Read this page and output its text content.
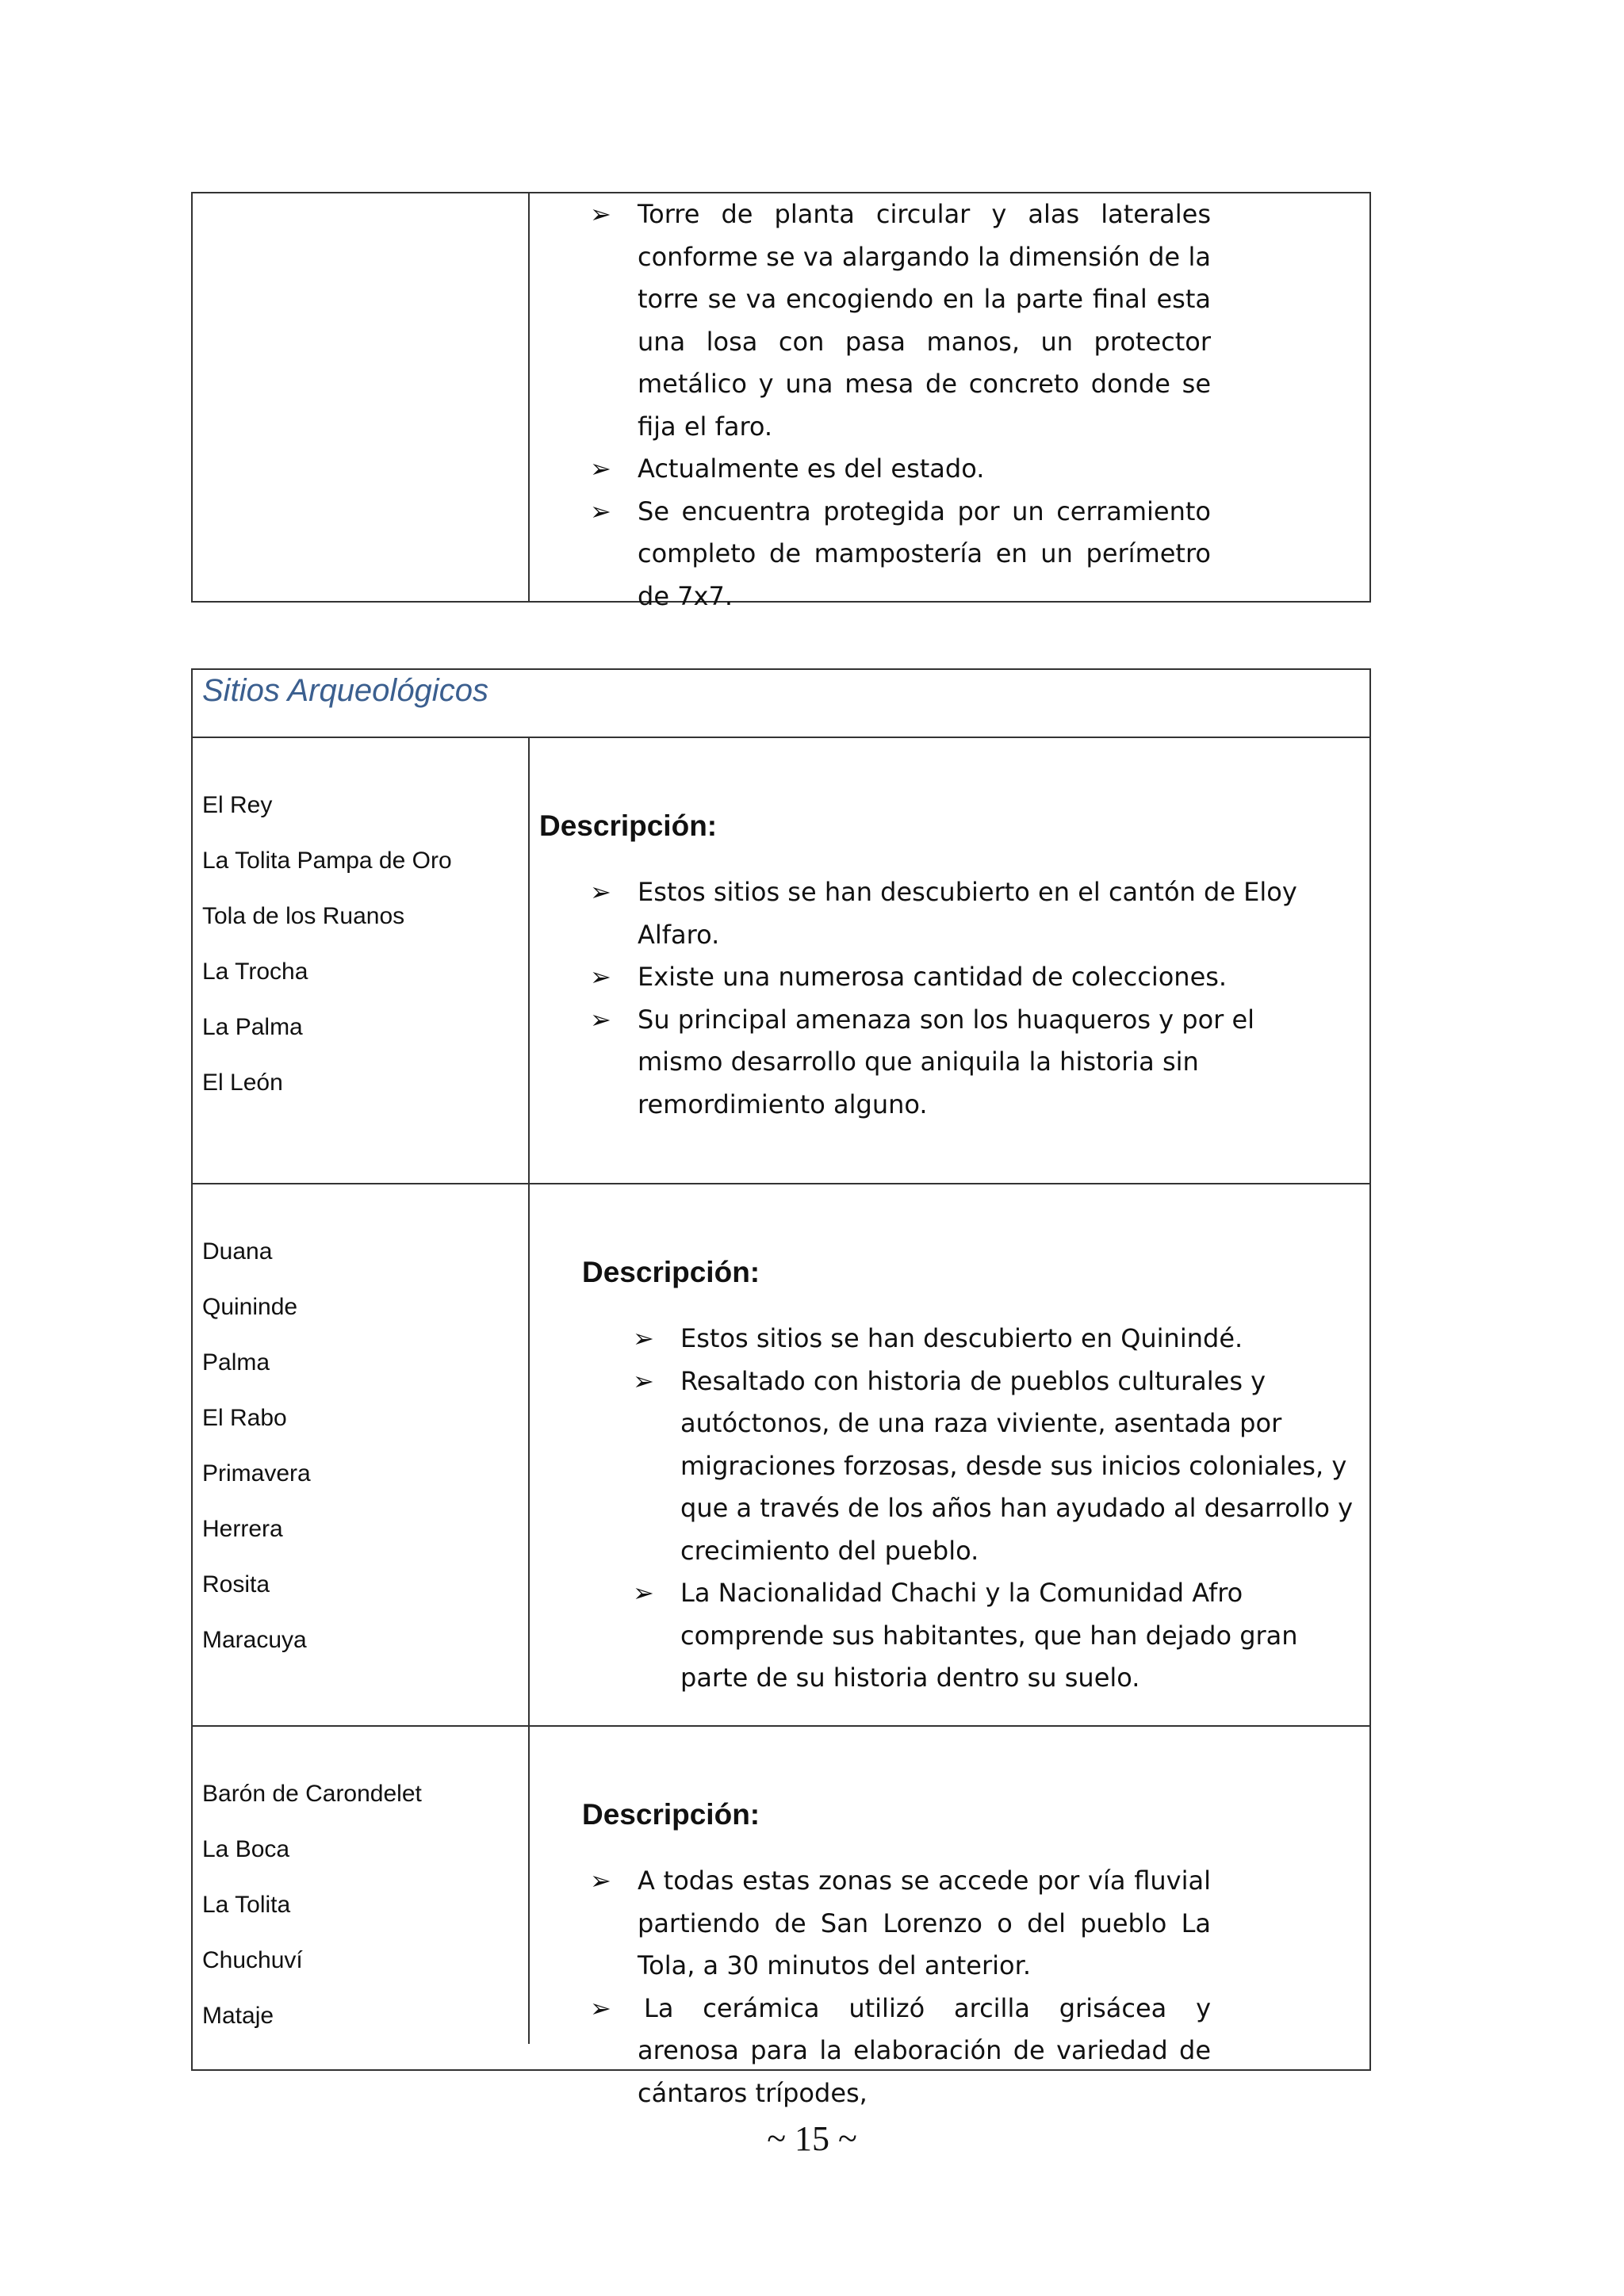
➢ Torre de planta circular y alas laterales conforme se va alargando la dimensión de la torre se va encogiendo en la parte final esta una losa con pasa manos, un protector metálico y una mesa de concreto donde se fija el faro.
➢ Actualmente es del estado.
➢ Se encuentra protegida por un cerramiento completo de mampostería en un perímetro de 7x7.
Sitios Arqueológicos
El Rey
La Tolita Pampa de Oro
Tola de los Ruanos
La Trocha
La Palma
El León
Descripción:
➢ Estos sitios se han descubierto en el cantón de Eloy Alfaro.
➢ Existe una numerosa cantidad de colecciones.
➢ Su principal amenaza son los huaqueros y por el mismo desarrollo que aniquila la historia sin remordimiento alguno.
Duana
Quininde
Palma
El Rabo
Primavera
Herrera
Rosita
Maracuya
Descripción:
➢ Estos sitios se han descubierto en Quinindé.
➢ Resaltado con historia de pueblos culturales y autóctonos, de una raza viviente, asentada por migraciones forzosas, desde sus inicios coloniales, y que a través de los años han ayudado al desarrollo y crecimiento del pueblo.
➢ La Nacionalidad Chachi y la Comunidad Afro comprende sus habitantes, que han dejado gran parte de su historia dentro su suelo.
Barón de Carondelet
La Boca
La Tolita
Chuchuví
Mataje
Descripción:
➢ A todas estas zonas se accede por vía fluvial partiendo de San Lorenzo o del pueblo La Tola, a 30 minutos del anterior.
➢ La cerámica utilizó arcilla grisácea y arenosa para la elaboración de variedad de cántaros trípodes,
~ 15 ~
